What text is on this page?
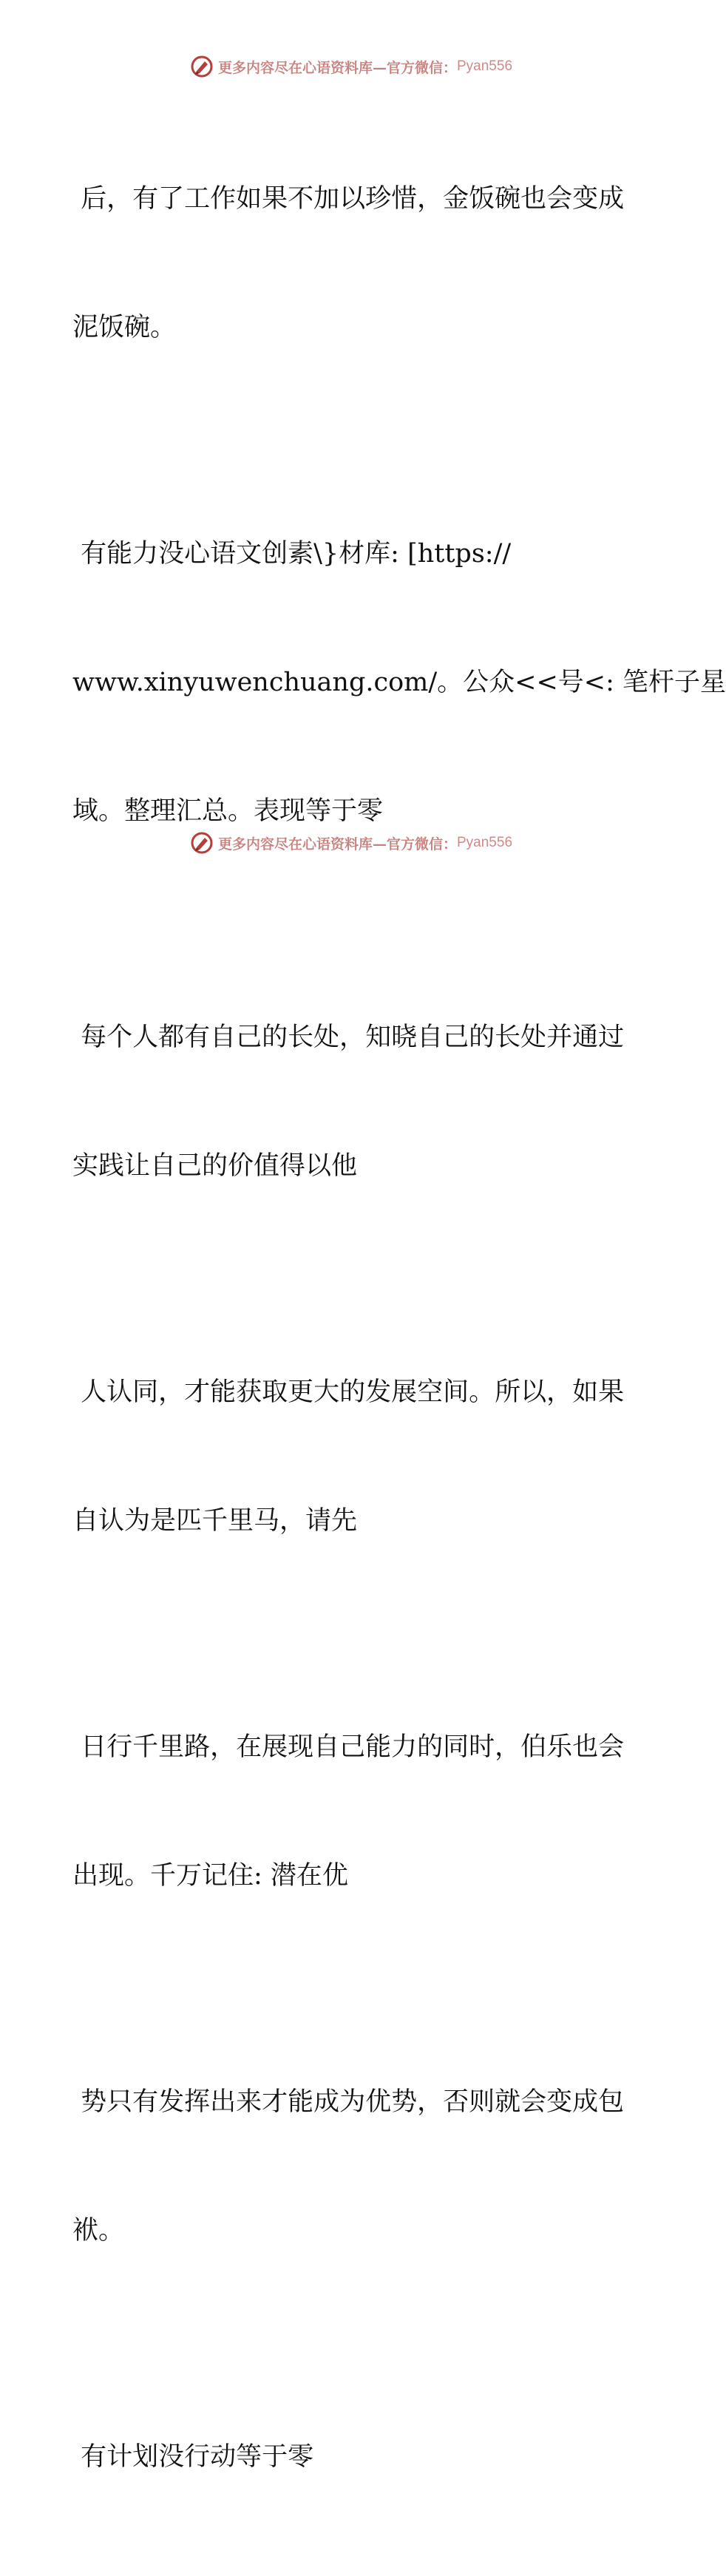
更多内容尽在心语资料库—官方微信： Pyan556

后，有了工作如果不加以珍惜，金饭碗也会变成

泥饭碗。

有能力没心语文创素\}材库: [https://

www.xinyuwenchuang.com/。公众<<号<: 笔杆子星

域。整理汇总。表现等于零

每个人都有自己的长处，知晓自己的长处并通过

实践让自己的价值得以他

人认同，才能获取更大的发展空间。所以，如果

自认为是匹千里马，请先

日行千里路，在展现自己能力的同时，伯乐也会

出现。千万记住: 潜在优

势只有发挥出来才能成为优势，否则就会变成包

袱。

有计划没行动等于零

更多内容尽在心语资料库—官方微信： Pyan556
